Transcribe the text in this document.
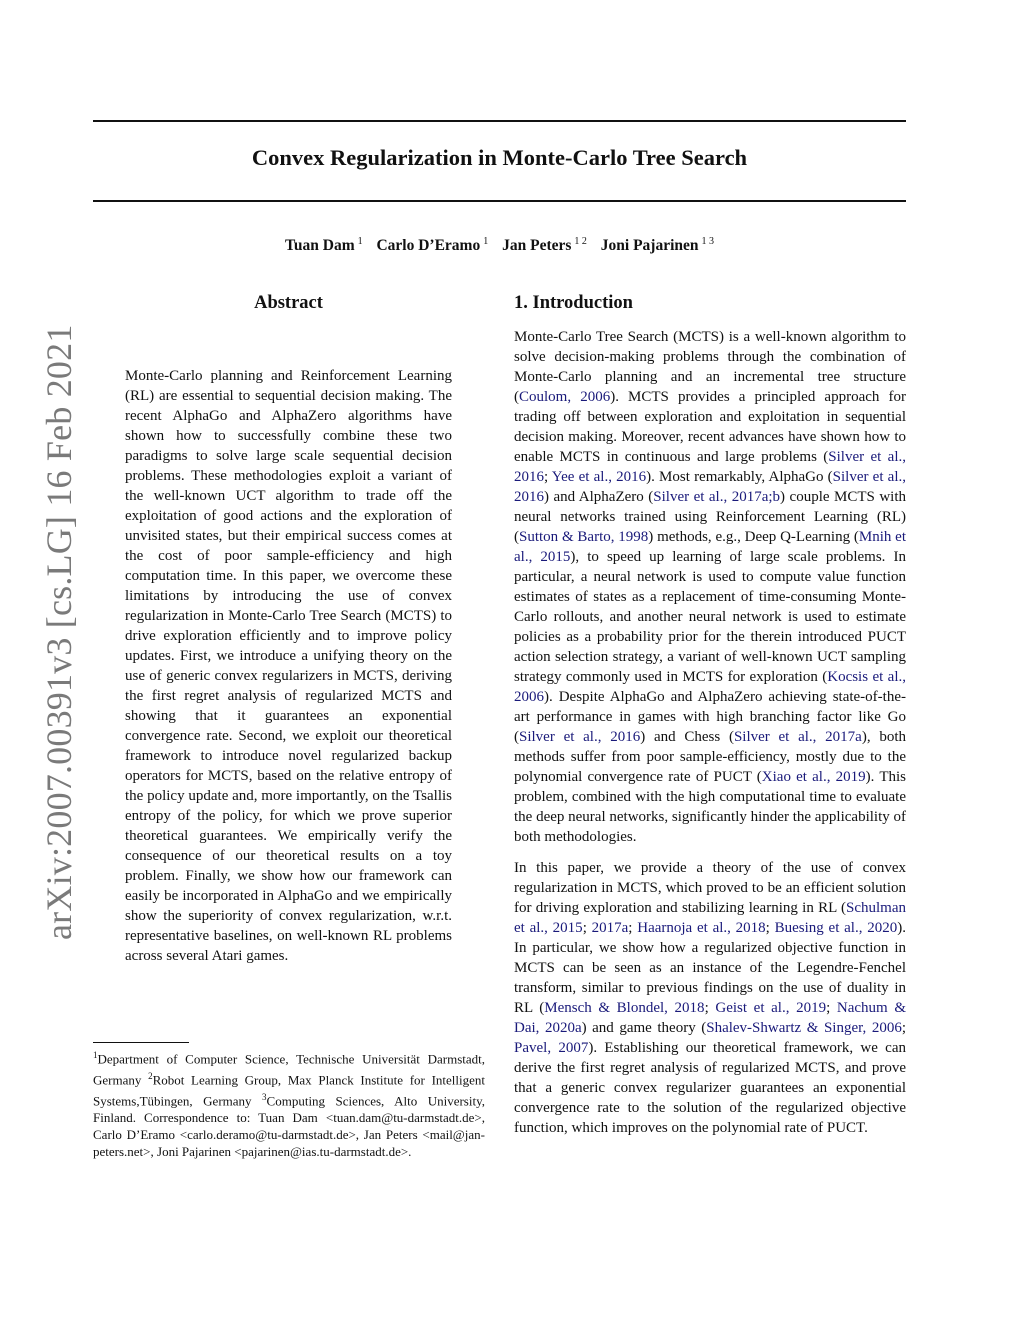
Convex Regularization in Monte-Carlo Tree Search
Tuan Dam $^1$ Carlo D’Eramo $^1$ Jan Peters $^{1 2}$ Joni Pajarinen $^{1 3}$
arXiv:2007.00391v3 [cs.LG] 16 Feb 2021
Abstract
Monte-Carlo planning and Reinforcement Learning (RL) are essential to sequential decision making. The recent AlphaGo and AlphaZero algorithms have shown how to successfully combine these two paradigms to solve large scale sequential decision problems. These methodologies exploit a variant of the well-known UCT algorithm to trade off the exploitation of good actions and the exploration of unvisited states, but their empirical success comes at the cost of poor sample-efficiency and high computation time. In this paper, we overcome these limitations by introducing the use of convex regularization in Monte-Carlo Tree Search (MCTS) to drive exploration efficiently and to improve policy updates. First, we introduce a unifying theory on the use of generic convex regularizers in MCTS, deriving the first regret analysis of regularized MCTS and showing that it guarantees an exponential convergence rate. Second, we exploit our theoretical framework to introduce novel regularized backup operators for MCTS, based on the relative entropy of the policy update and, more importantly, on the Tsallis entropy of the policy, for which we prove superior theoretical guarantees. We empirically verify the consequence of our theoretical results on a toy problem. Finally, we show how our framework can easily be incorporated in AlphaGo and we empirically show the superiority of convex regularization, w.r.t. representative baselines, on well-known RL problems across several Atari games.
1. Introduction

Monte-Carlo Tree Search (MCTS) is a well-known algorithm to solve decision-making problems through the combination of Monte-Carlo planning and an incremental tree structure (Coulom, 2006). MCTS provides a principled approach for trading off between exploration and exploitation in sequential decision making. Moreover, recent advances have shown how to enable MCTS in continuous and large problems (Silver et al., 2016; Yee et al., 2016). Most remarkably, AlphaGo (Silver et al., 2016) and AlphaZero (Silver et al., 2017a;b) couple MCTS with neural networks trained using Reinforcement Learning (RL) (Sutton & Barto, 1998) methods, e.g., Deep Q-Learning (Mnih et al., 2015), to speed up learning of large scale problems. In particular, a neural network is used to compute value function estimates of states as a replacement of time-consuming Monte-Carlo rollouts, and another neural network is used to estimate policies as a probability prior for the therein introduced PUCT action selection strategy, a variant of well-known UCT sampling strategy commonly used in MCTS for exploration (Kocsis et al., 2006). Despite AlphaGo and AlphaZero achieving state-of-the-art performance in games with high branching factor like Go (Silver et al., 2016) and Chess (Silver et al., 2017a), both methods suffer from poor sample-efficiency, mostly due to the polynomial convergence rate of PUCT (Xiao et al., 2019). This problem, combined with the high computational time to evaluate the deep neural networks, significantly hinder the applicability of both methodologies.

In this paper, we provide a theory of the use of convex regularization in MCTS, which proved to be an efficient solution for driving exploration and stabilizing learning in RL (Schulman et al., 2015; 2017a; Haarnoja et al., 2018; Buesing et al., 2020). In particular, we show how a regularized objective function in MCTS can be seen as an instance of the Legendre-Fenchel transform, similar to previous findings on the use of duality in RL (Mensch & Blondel, 2018; Geist et al., 2019; Nachum & Dai, 2020a) and game theory (Shalev-Shwartz & Singer, 2006; Pavel, 2007). Establishing our theoretical framework, we can derive the first regret analysis of regularized MCTS, and prove that a generic convex regularizer guarantees an exponential convergence rate to the solution of the regularized objective function, which improves on the polynomial rate of PUCT.

$^1$Department of Computer Science, Technische Universität Darmstadt, Germany $^2$Robot Learning Group, Max Planck Institute for Intelligent Systems,Tübingen, Germany $^3$Computing Sciences, Alto University, Finland. Correspondence to: Tuan Dam <tuan.dam@tu-darmstadt.de>, Carlo D’Eramo <carlo.deramo@tu-darmstadt.de>, Jan Peters <mail@jan-peters.net>, Joni Pajarinen <pajarinen@ias.tu-darmstadt.de>.
